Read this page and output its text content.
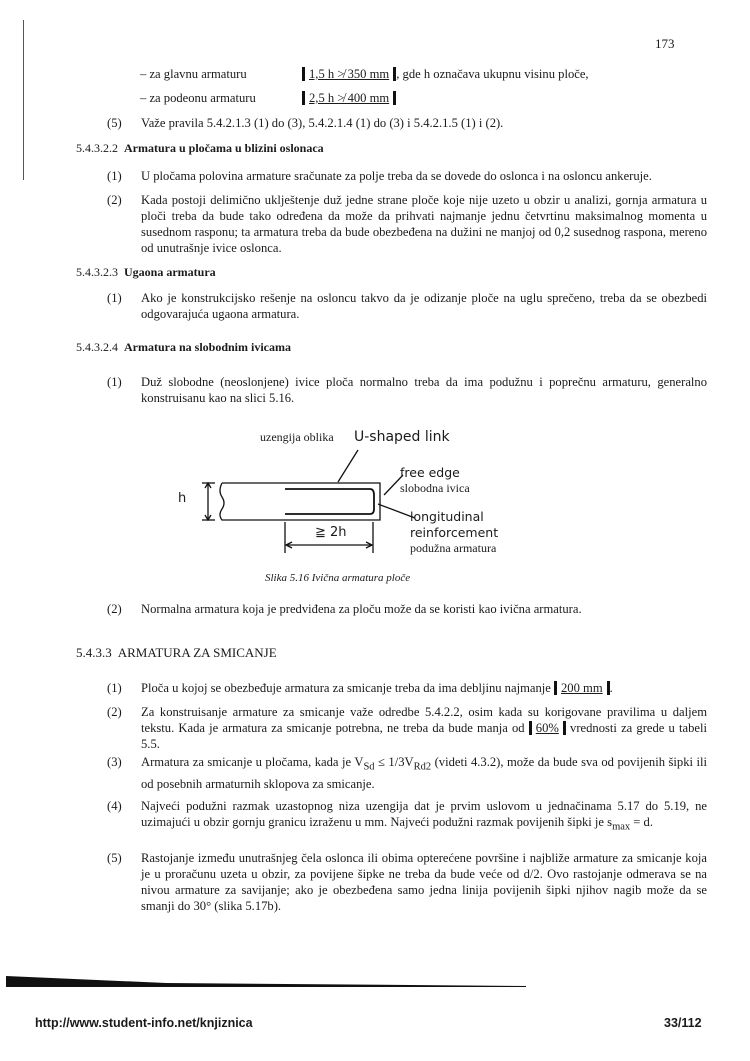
173
– za glavnu armaturu	1,5 h ≯ 350 mm , gde h označava ukupnu visinu ploče,
– za podeonu armaturu	2,5 h ≯ 400 mm
(5) Važe pravila 5.4.2.1.3 (1) do (3), 5.4.2.1.4 (1) do (3) i 5.4.2.1.5 (1) i (2).
5.4.3.2.2 Armatura u pločama u blizini oslonaca
(1) U pločama polovina armature sračunate za polje treba da se dovede do oslonca i na osloncu ankeruje.
(2) Kada postoji delimično uklještenje duž jedne strane ploče koje nije uzeto u obzir u analizi, gornja armatura u ploči treba da bude tako određena da može da prihvati najmanje jednu četvrtinu maksimalnog momenta u susednom rasponu; ta armatura treba da bude obezbeđena na dužini ne manjoj od 0,2 susednog raspona, mereno od unutrašnje ivice oslonca.
5.4.3.2.3 Ugaona armatura
(1) Ako je konstrukcijsko rešenje na osloncu takvo da je odizanje ploče na uglu sprečeno, treba da se obezbedi odgovarajuća ugaona armatura.
5.4.3.2.4 Armatura na slobodnim ivicama
(1) Duž slobodne (neoslonjene) ivice ploča normalno treba da ima podužnu i poprečnu armaturu, generalno konstruisanu kao na slici 5.16.
uzengija oblika U-shaped link
free edge
slobodna ivica
longitudinal
reinforcement
podužna armatura
h
≧ 2h
Slika 5.16 Ivična armatura ploče
(2) Normalna armatura koja je predviđena za ploču može da se koristi kao ivična armatura.
5.4.3.3 ARMATURA ZA SMICANJE
(1) Ploča u kojoj se obezbeđuje armatura za smicanje treba da ima debljinu najmanje 200 mm .
(2) Za konstruisanje armature za smicanje važe odredbe 5.4.2.2, osim kada su korigovane pravilima u daljem tekstu. Kada je armatura za smicanje potrebna, ne treba da bude manja od 60% vrednosti za grede u tabeli 5.5.
(3) Armatura za smicanje u pločama, kada je $V_{Sd} \le 1/3V_{Rd2}$ (videti 4.3.2), može da bude sva od povijenih šipki ili od posebnih armaturnih sklopova za smicanje.
(4) Najveći podužni razmak uzastopnog niza uzengija dat je prvim uslovom u jednačinama 5.17 do 5.19, ne uzimajući u obzir gornju granicu izraženu u mm. Najveći podužni razmak povijenih šipki je $s_{max} = d$.
(5) Rastojanje između unutrašnjeg čela oslonca ili obima opterećene površine i najbliže armature za smicanje koja je u proračunu uzeta u obzir, za povijene šipke ne treba da bude veće od d/2. Ovo rastojanje odmerava se na nivou armature za savijanje; ako je obezbeđena samo jedna linija povijenih šipki njihov nagib može da se smanji do 30° (slika 5.17b).
http://www.student-info.net/knjiznica	33/112
